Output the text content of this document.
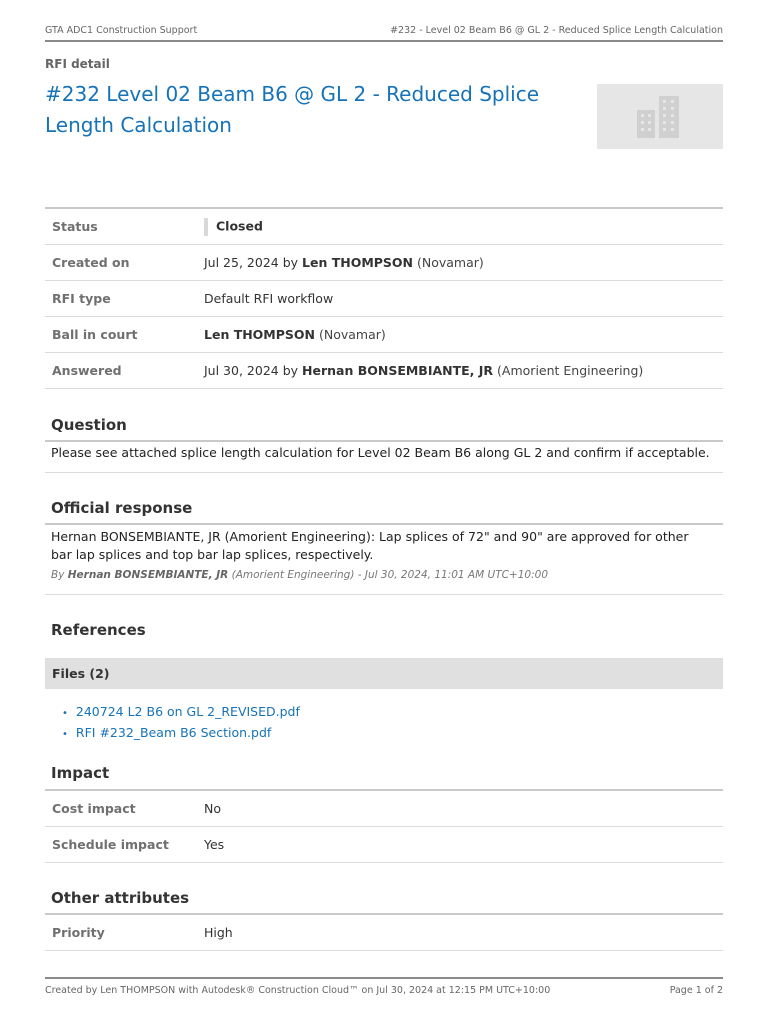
GTA ADC1 Construction Support	#232 - Level 02 Beam B6 @ GL 2 - Reduced Splice Length Calculation
RFI detail
#232 Level 02 Beam B6 @ GL 2 - Reduced Splice Length Calculation
Status	Closed
Created on	Jul 25, 2024 by Len THOMPSON (Novamar)
RFI type	Default RFI workflow
Ball in court	Len THOMPSON (Novamar)
Answered	Jul 30, 2024 by Hernan BONSEMBIANTE, JR (Amorient Engineering)
Question
Please see attached splice length calculation for Level 02 Beam B6 along GL 2 and confirm if acceptable.
Official response
Hernan BONSEMBIANTE, JR (Amorient Engineering): Lap splices of 72" and 90" are approved for other bar lap splices and top bar lap splices, respectively.
By Hernan BONSEMBIANTE, JR (Amorient Engineering) - Jul 30, 2024, 11:01 AM UTC+10:00
References
Files (2)
• 240724 L2 B6 on GL 2_REVISED.pdf
• RFI #232_Beam B6 Section.pdf
Impact
Cost impact	No
Schedule impact	Yes
Other attributes
Priority	High
Created by Len THOMPSON with Autodesk® Construction Cloud™ on Jul 30, 2024 at 12:15 PM UTC+10:00	Page 1 of 2
